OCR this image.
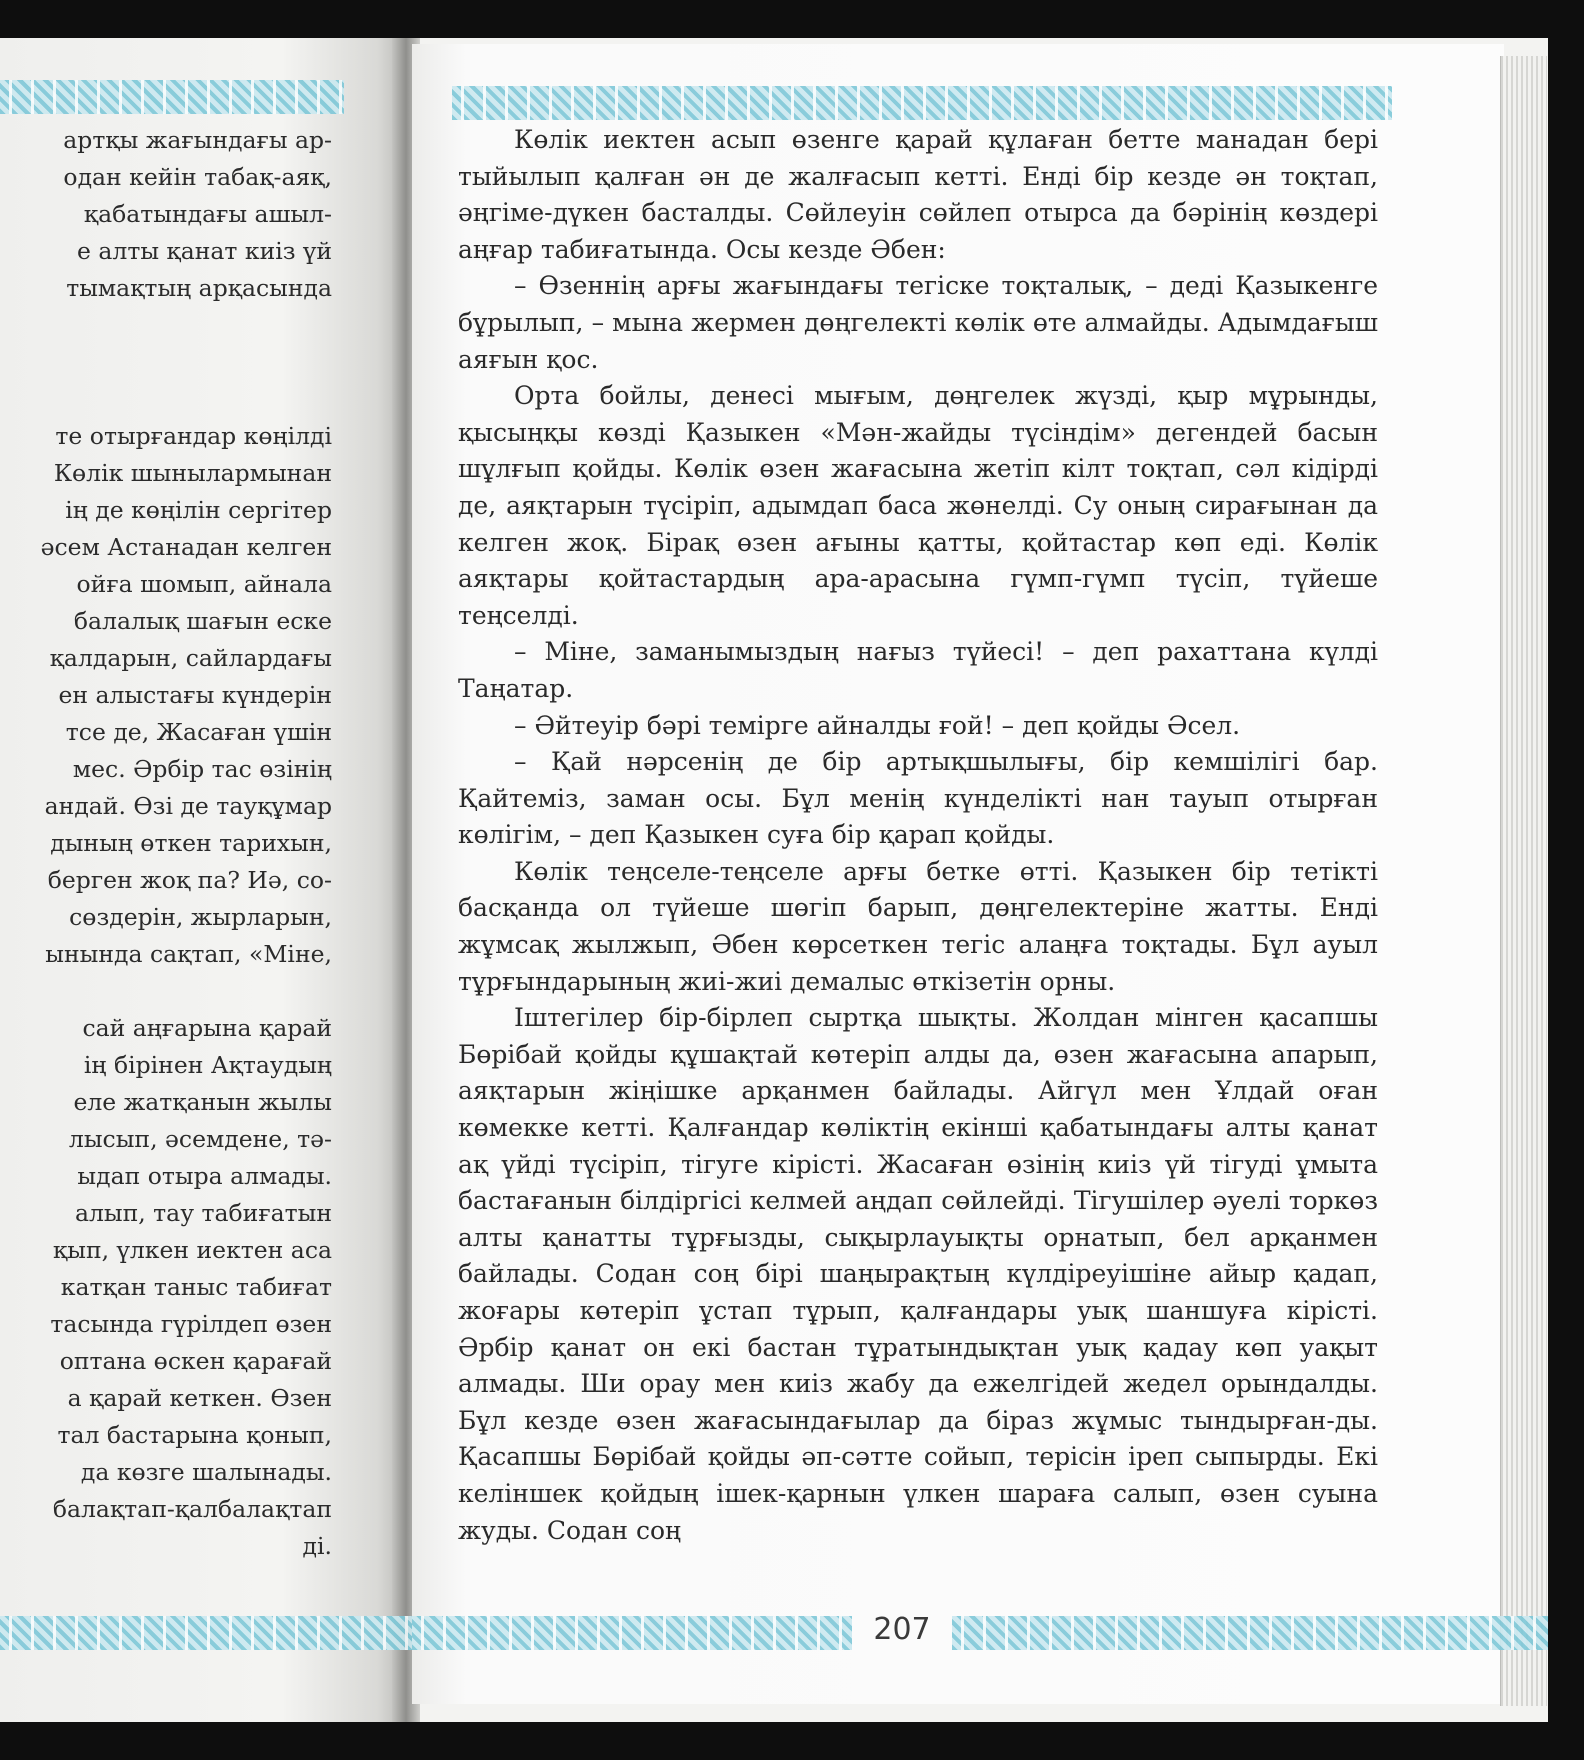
артқы жағындағы ар-
одан кейін табақ-аяқ,
қабатындағы ашыл-
е алты қанат киіз үй
тымақтың арқасында
те отырғандар көңілді
Көлік шынылармынан
ің де көңілін сергітер
әсем Астанадан келген
ойға шомып, айнала
балалық шағын еске
қалдарын, сайлардағы
ен алыстағы күндерін
тсе де, Жасаған үшін
мес. Әрбір тас өзінің
андай. Өзі де тауқұмар
дының өткен тарихын,
берген жоқ па? Иә, со-
сөздерін, жырларын,
ынында сақтап, «Міне,
сай аңғарына қарай
ің бірінен Ақтаудың
еле жатқанын жылы
лысып, әсемдене, тә-
ыдап отыра алмады.
алып, тау табиғатын
қып, үлкен иектен аса
катқан таныс табиғат
тасында гүрілдеп өзен
оптана өскен қарағай
а қарай кеткен. Өзен
тал бастарына қонып,
да көзге шалынады.
балақтап-қалбалақтап
ді.

Көлік иектен асып өзенге қарай құлаған бетте манадан бері тыйылып қалған ән де жалғасып кетті. Енді бір кезде ән тоқтап, әңгіме-дүкен басталды. Сөйлеуін сөйлеп отырса да бәрінің көздері аңғар табиғатында. Осы кезде Әбен:

– Өзеннің арғы жағындағы тегіске тоқталық, – деді Қазыкенге бұрылып, – мына жермен дөңгелекті көлік өте алмайды. Адымдағыш аяғын қос.

Орта бойлы, денесі мығым, дөңгелек жүзді, қыр мұрынды, қысыңқы көзді Қазыкен «Мән-жайды түсіндім» дегендей басын шұлғып қойды. Көлік өзен жағасына жетіп кілт тоқтап, сәл кідірді де, аяқтарын түсіріп, адымдап баса жөнелді. Су оның сирағынан да келген жоқ. Бірақ өзен ағыны қатты, қойтастар көп еді. Көлік аяқтары қойтастардың ара-арасына гүмп-гүмп түсіп, түйеше теңселді.

– Міне, заманымыздың нағыз түйесі! – деп рахаттана күлді Таңатар.

– Әйтеуір бәрі темірге айналды ғой! – деп қойды Әсел.

– Қай нәрсенің де бір артықшылығы, бір кемшілігі бар. Қайтеміз, заман осы. Бұл менің күнделікті нан тауып отырған көлігім, – деп Қазыкен суға бір қарап қойды.

Көлік теңселе-теңселе арғы бетке өтті. Қазыкен бір тетікті басқанда ол түйеше шөгіп барып, дөңгелектеріне жатты. Енді жұмсақ жылжып, Әбен көрсеткен тегіс алаңға тоқтады. Бұл ауыл тұрғындарының жиі-жиі демалыс өткізетін орны.

Іштегілер бір-бірлеп сыртқа шықты. Жолдан мінген қасапшы Бөрібай қойды құшақтай көтеріп алды да, өзен жағасына апарып, аяқтарын жіңішке арқанмен байлады. Айгүл мен Ұлдай оған көмекке кетті. Қалғандар көліктің екінші қабатындағы алты қанат ақ үйді түсіріп, тігуге кірісті. Жасаған өзінің киіз үй тігуді ұмыта бастағанын білдіргісі келмей аңдап сөйлейді. Тігушілер әуелі торкөз алты қанатты тұрғызды, сықырлауықты орнатып, бел арқанмен байлады. Содан соң бірі шаңырақтың күлдіреуішіне айыр қадап, жоғары көтеріп ұстап тұрып, қалғандары уық шаншуға кірісті. Әрбір қанат он екі бастан тұратындықтан уық қадау көп уақыт алмады. Ши орау мен киіз жабу да ежелгідей жедел орындалды. Бұл кезде өзен жағасындағылар да біраз жұмыс тындырған-ды. Қасапшы Бөрібай қойды әп-сәтте сойып, терісін іреп сыпырды. Екі келіншек қойдың ішек-қарнын үлкен шараға салып, өзен суына жуды. Содан соң

207
